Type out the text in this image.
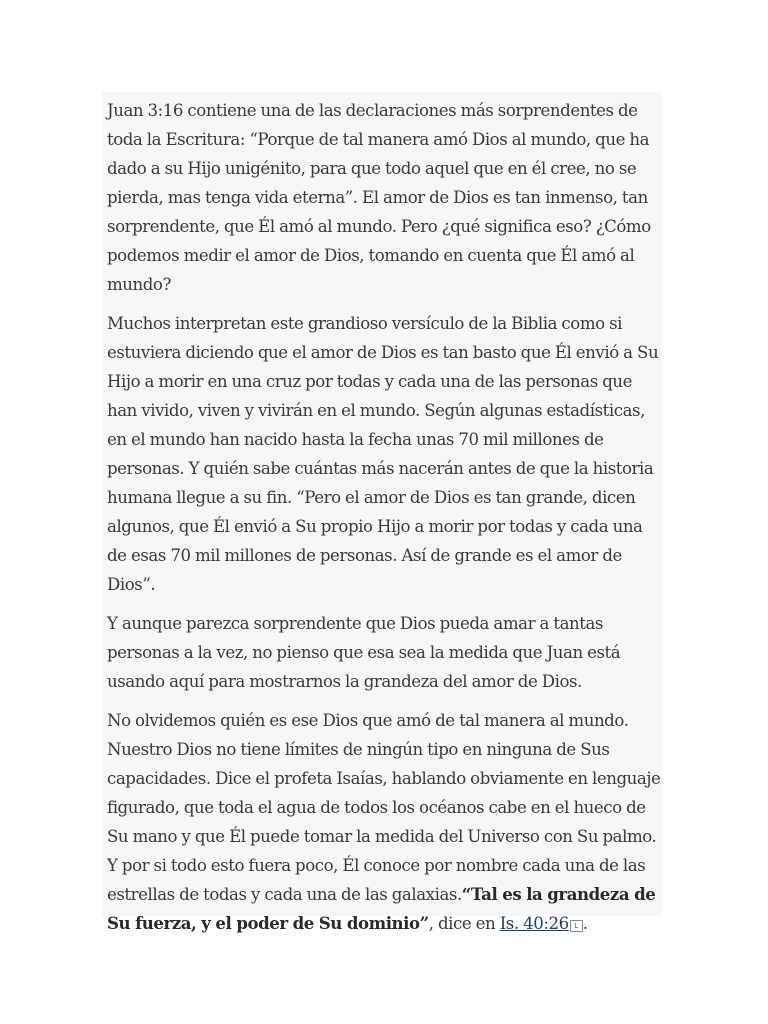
Juan 3:16 contiene una de las declaraciones más sorprendentes de toda la Escritura: “Porque de tal manera amó Dios al mundo, que ha dado a su Hijo unigénito, para que todo aquel que en él cree, no se pierda, mas tenga vida eterna”. El amor de Dios es tan inmenso, tan sorprendente, que Él amó al mundo. Pero ¿qué significa eso? ¿Cómo podemos medir el amor de Dios, tomando en cuenta que Él amó al mundo?

Muchos interpretan este grandioso versículo de la Biblia como si estuviera diciendo que el amor de Dios es tan basto que Él envió a Su Hijo a morir en una cruz por todas y cada una de las personas que han vivido, viven y vivirán en el mundo. Según algunas estadísticas, en el mundo han nacido hasta la fecha unas 70 mil millones de personas. Y quién sabe cuántas más nacerán antes de que la historia humana llegue a su fin. “Pero el amor de Dios es tan grande, dicen algunos, que Él envió a Su propio Hijo a morir por todas y cada una de esas 70 mil millones de personas. Así de grande es el amor de Dios”.

Y aunque parezca sorprendente que Dios pueda amar a tantas personas a la vez, no pienso que esa sea la medida que Juan está usando aquí para mostrarnos la grandeza del amor de Dios.

No olvidemos quién es ese Dios que amó de tal manera al mundo. Nuestro Dios no tiene límites de ningún tipo en ninguna de Sus capacidades. Dice el profeta Isaías, hablando obviamente en lenguaje figurado, que toda el agua de todos los océanos cabe en el hueco de Su mano y que Él puede tomar la medida del Universo con Su palmo. Y por si todo esto fuera poco, Él conoce por nombre cada una de las estrellas de todas y cada una de las galaxias.“Tal es la grandeza de Su fuerza, y el poder de Su dominio”, dice en Is. 40:26 L .
